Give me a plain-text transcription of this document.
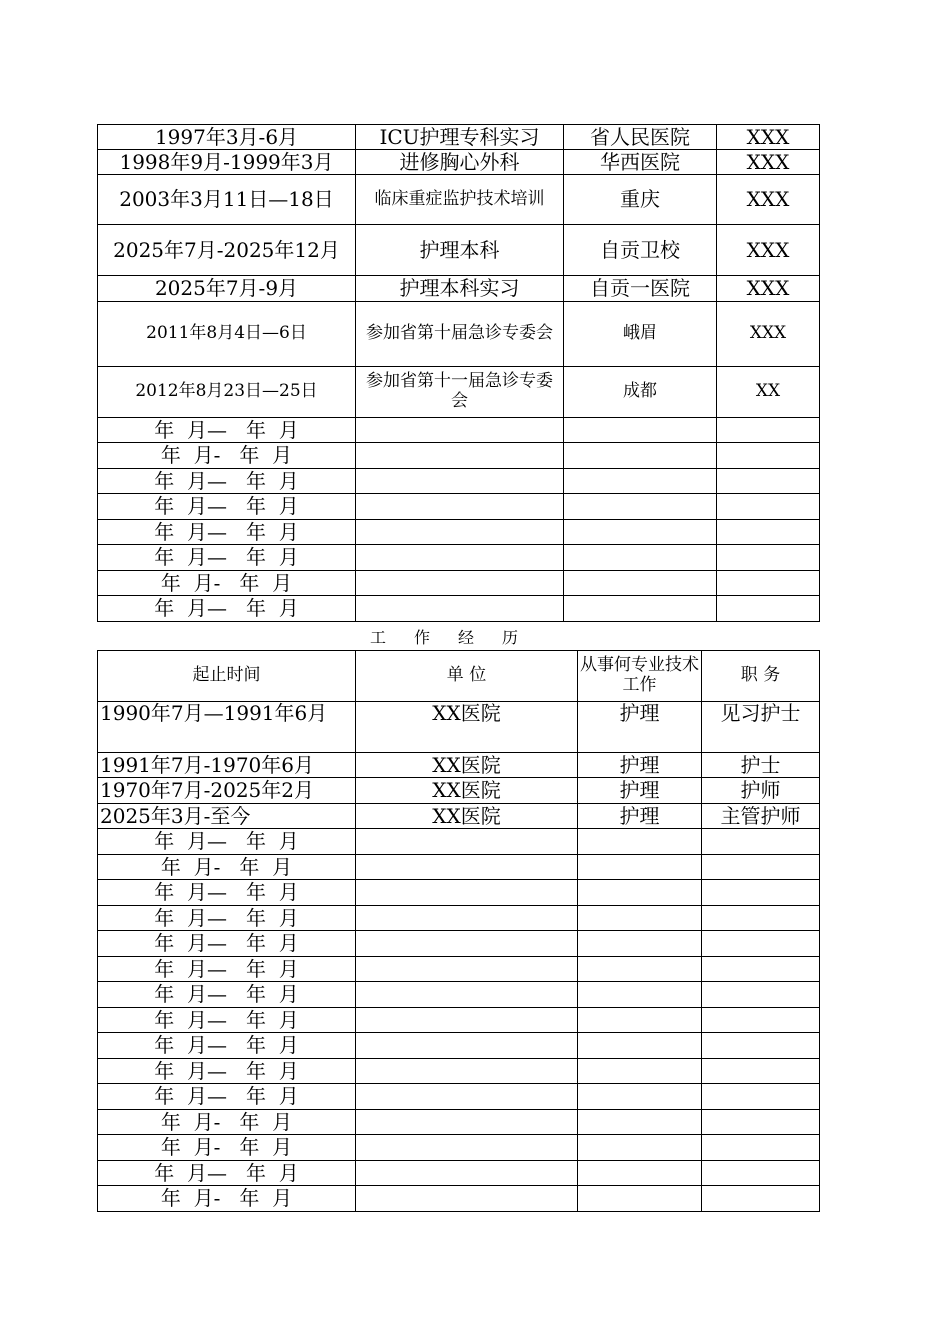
1997年3月-6月	ICU护理专科实习	省人民医院	XXX
1998年9月-1999年3月	进修胸心外科	华西医院	XXX
2003年3月11日—18日	临床重症监护技术培训	重庆	XXX
2025年7月-2025年12月	护理本科	自贡卫校	XXX
2025年7月-9月	护理本科实习	自贡一医院	XXX
2011年8月4日—6日	参加省第十届急诊专委会	峨眉	XXX
2012年8月23日—25日	参加省第十一届急诊专委会	成都	XX
年  月—   年  月			
年  月-   年  月			
年  月—   年  月			
年  月—   年  月			
年  月—   年  月			
年  月—   年  月			
年  月-   年  月			
年  月—   年  月			
工作经历
起止时间	单 位	从事何专业技术工作	职 务
1990年7月—1991年6月	XX医院	护理	见习护士
1991年7月-1970年6月	XX医院	护理	护士
1970年7月-2025年2月	XX医院	护理	护师
2025年3月-至今	XX医院	护理	主管护师
年  月—   年  月			
年  月-   年  月			
年  月—   年  月			
年  月—   年  月			
年  月—   年  月			
年  月—   年  月			
年  月—   年  月			
年  月—   年  月			
年  月—   年  月			
年  月—   年  月			
年  月—   年  月			
年  月-   年  月			
年  月-   年  月			
年  月—   年  月			
年  月-   年  月			
